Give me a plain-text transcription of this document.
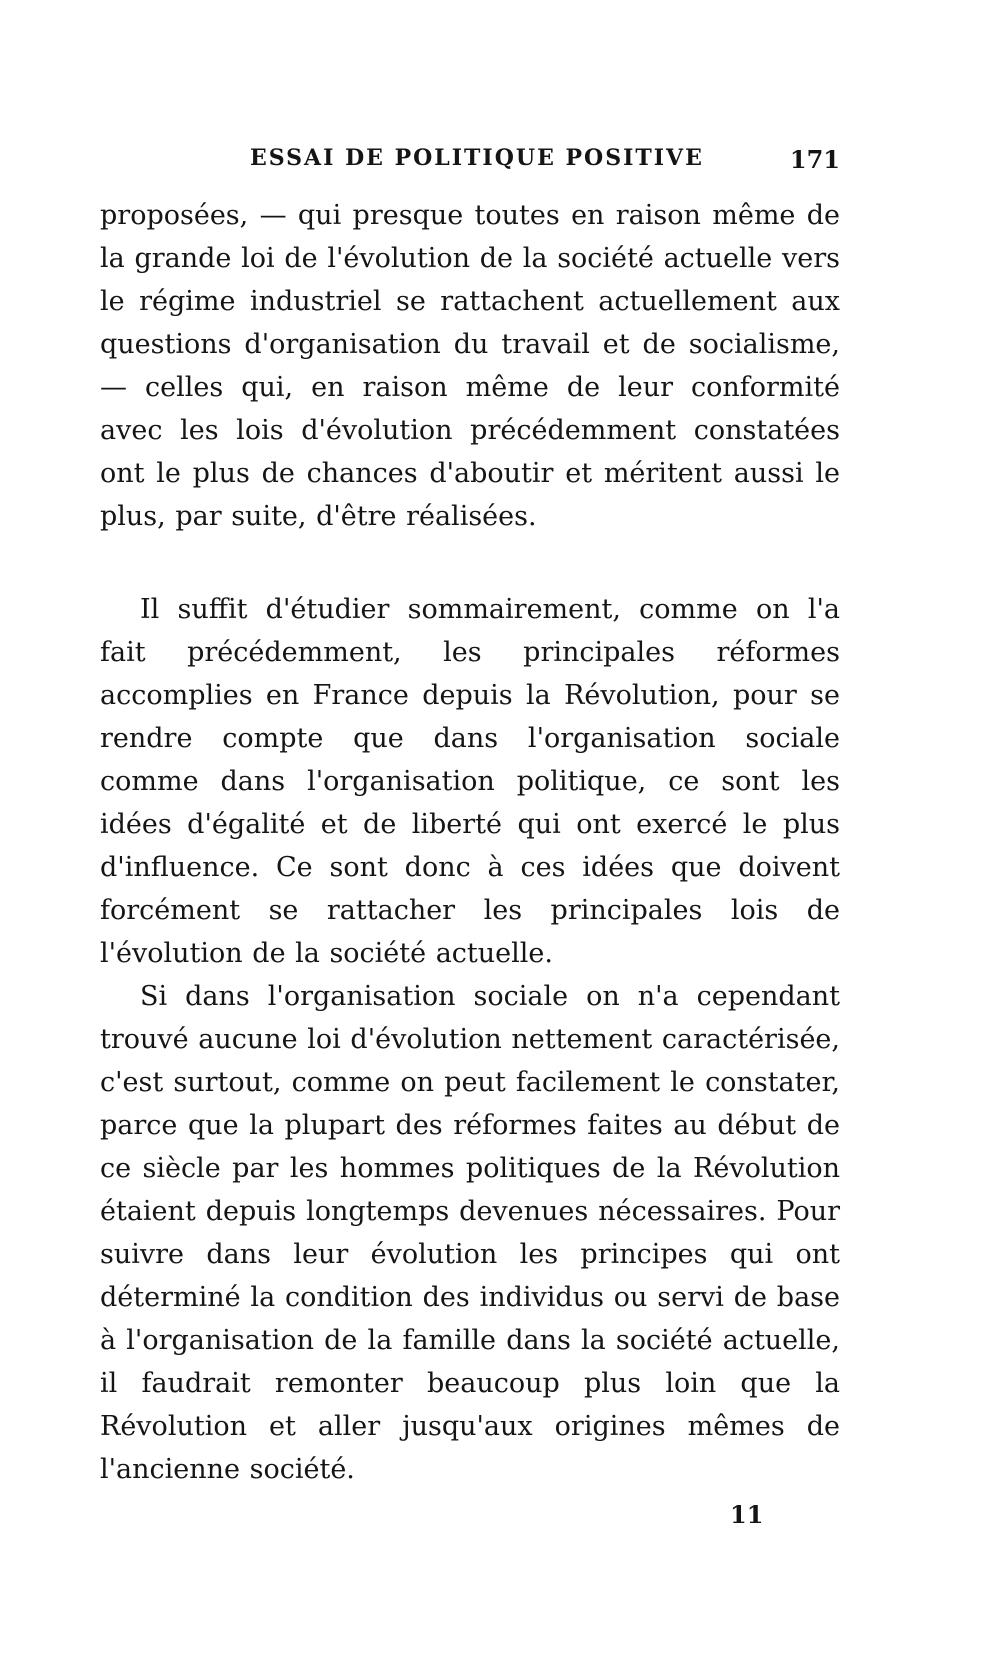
ESSAI DE POLITIQUE POSITIVE	171

proposées, — qui presque toutes en raison même de la grande loi de l'évolution de la société actuelle vers le régime industriel se rattachent actuellement aux questions d'organisation du travail et de socialisme, — celles qui, en raison même de leur conformité avec les lois d'évolution précédemment constatées ont le plus de chances d'aboutir et méritent aussi le plus, par suite, d'être réalisées.

Il suffit d'étudier sommairement, comme on l'a fait précédemment, les principales réformes accomplies en France depuis la Révolution, pour se rendre compte que dans l'organisation sociale comme dans l'organisation politique, ce sont les idées d'égalité et de liberté qui ont exercé le plus d'influence. Ce sont donc à ces idées que doivent forcément se rattacher les principales lois de l'évolution de la société actuelle.

Si dans l'organisation sociale on n'a cependant trouvé aucune loi d'évolution nettement caractérisée, c'est surtout, comme on peut facilement le constater, parce que la plupart des réformes faites au début de ce siècle par les hommes politiques de la Révolution étaient depuis longtemps devenues nécessaires. Pour suivre dans leur évolution les principes qui ont déterminé la condition des individus ou servi de base à l'organisation de la famille dans la société actuelle, il faudrait remonter beaucoup plus loin que la Révolution et aller jusqu'aux origines mêmes de l'ancienne société.

11
